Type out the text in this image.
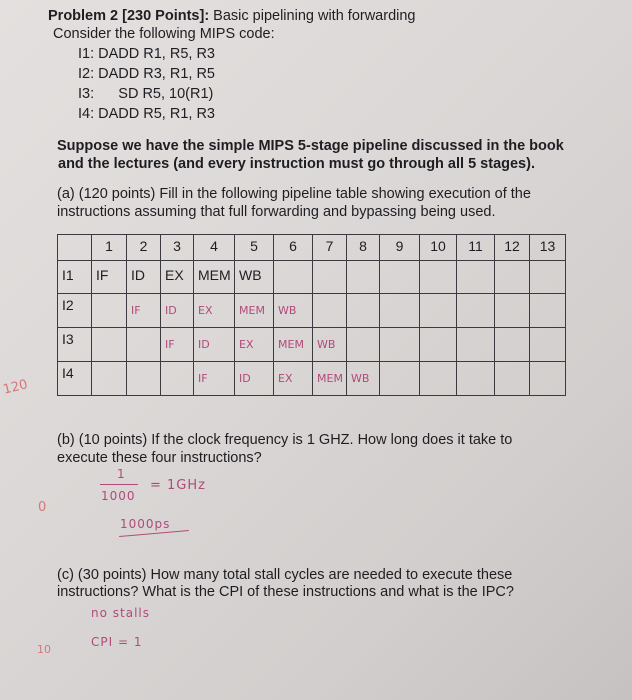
Problem 2 [230 Points]: Basic pipelining with forwarding
Consider the following MIPS code:
I1: DADD R1, R5, R3
I2: DADD R3, R1, R5
I3:      SD R5, 10(R1)
I4: DADD R5, R1, R3
Suppose we have the simple MIPS 5-stage pipeline discussed in the book
and the lectures (and every instruction must go through all 5 stages).
(a) (120 points) Fill in the following pipeline table showing execution of the
instructions assuming that full forwarding and bypassing being used.
	1	2	3	4	5	6	7	8	9	10	11	12	13
I1	IF	ID	EX	MEM	WB								
I2		IF	ID	EX	MEM	WB							
I3			IF	ID	EX	MEM	WB						
I4				IF	ID	EX	MEM	WB					
120
(b) (10 points) If the clock frequency is 1 GHZ. How long does it take to
execute these four instructions?
0
1
1000
= 1GHz
1000ps
(c) (30 points) How many total stall cycles are needed to execute these
instructions? What is the CPI of these instructions and what is the IPC?
no stalls
CPI = 1
10
